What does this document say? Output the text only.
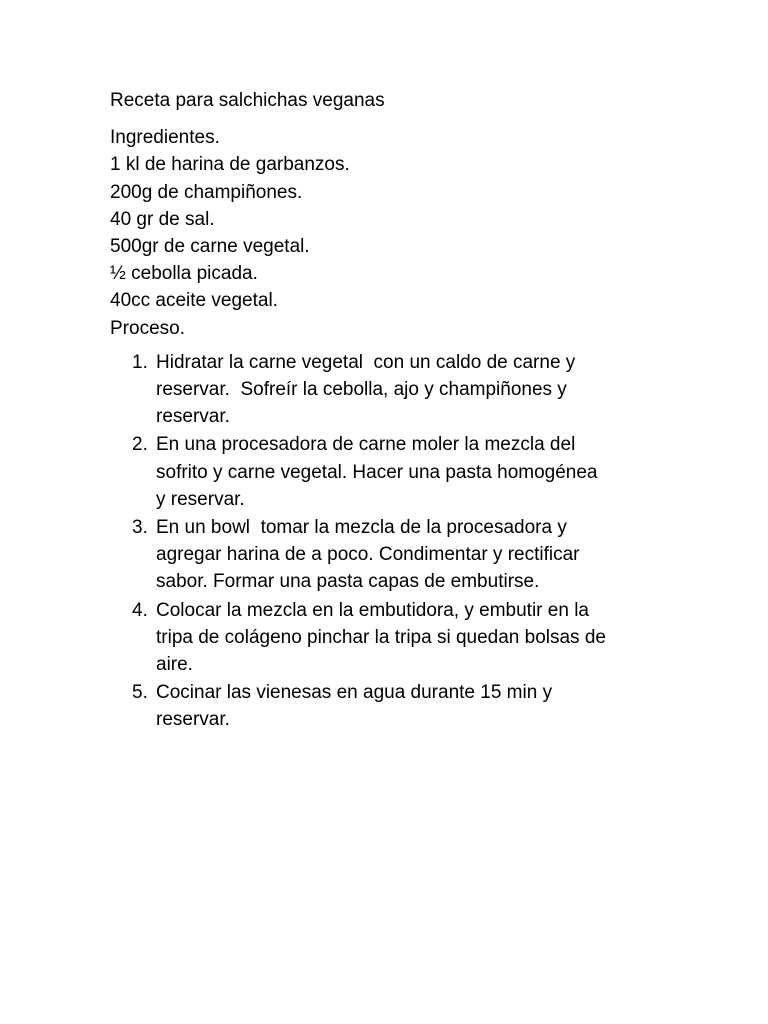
Receta para salchichas veganas
Ingredientes.
1 kl de harina de garbanzos.
200g de champiñones.
40 gr de sal.
500gr de carne vegetal.
½ cebolla picada.
40cc aceite vegetal.
Proceso.
1. Hidratar la carne vegetal  con un caldo de carne y
reservar.  Sofreír la cebolla, ajo y champiñones y
reservar.
2. En una procesadora de carne moler la mezcla del
sofrito y carne vegetal. Hacer una pasta homogénea
y reservar.
3. En un bowl  tomar la mezcla de la procesadora y
agregar harina de a poco. Condimentar y rectificar
sabor. Formar una pasta capas de embutirse.
4. Colocar la mezcla en la embutidora, y embutir en la
tripa de colágeno pinchar la tripa si quedan bolsas de
aire.
5. Cocinar las vienesas en agua durante 15 min y
reservar.
